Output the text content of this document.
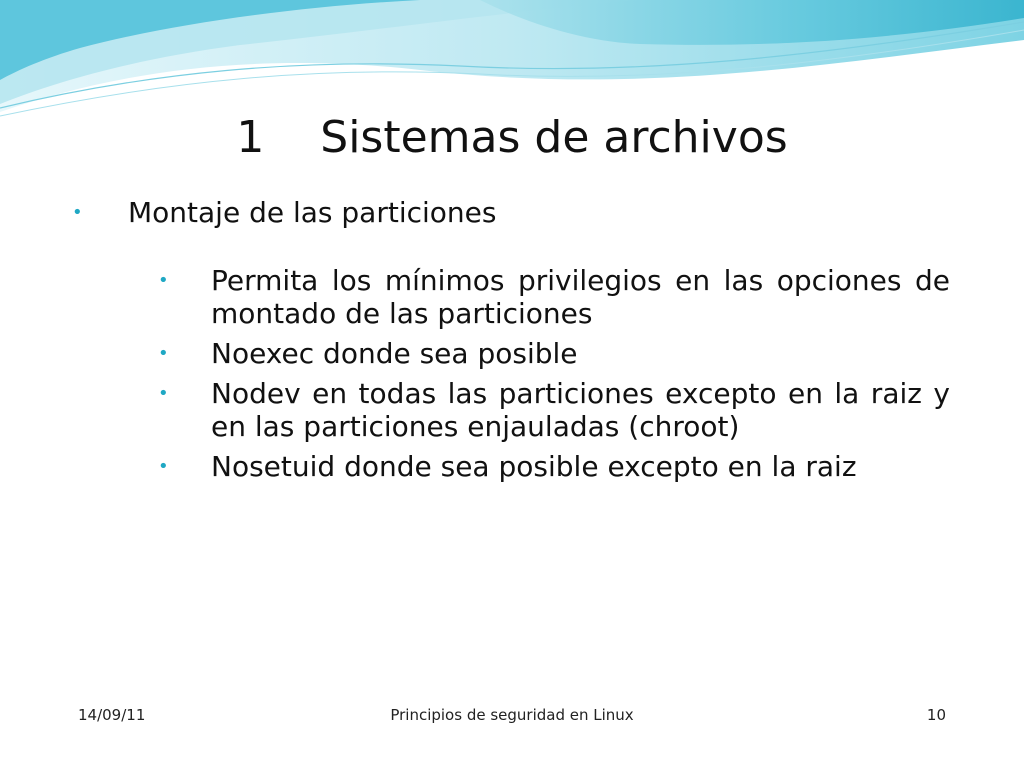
1    Sistemas de archivos
• Montaje de las particiones
• Permita los mínimos privilegios en las opciones de montado de las particiones
• Noexec donde sea posible
• Nodev en todas las particiones excepto en la raiz y en las particiones enjauladas (chroot)
• Nosetuid donde sea posible excepto en la raiz
14/09/11	Principios de seguridad en Linux	10
